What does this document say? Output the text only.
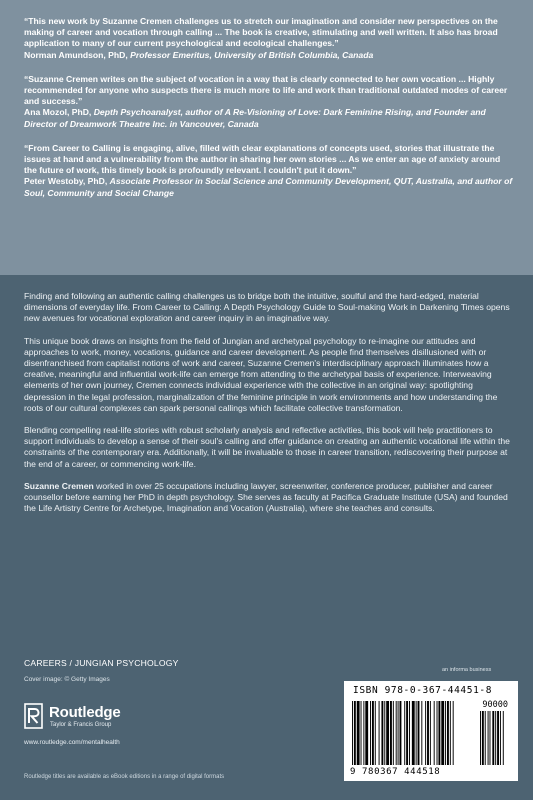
“This new work by Suzanne Cremen challenges us to stretch our imagination and consider new perspectives on the making of career and vocation through calling ... The book is creative, stimulating and well written. It also has broad application to many of our current psychological and ecological challenges.”
Norman Amundson, PhD, Professor Emeritus, University of British Columbia, Canada
“Suzanne Cremen writes on the subject of vocation in a way that is clearly connected to her own vocation ... Highly recommended for anyone who suspects there is much more to life and work than traditional outdated modes of career and success.”
Ana Mozol, PhD, Depth Psychoanalyst, author of A Re-Visioning of Love: Dark Feminine Rising, and Founder and Director of Dreamwork Theatre Inc. in Vancouver, Canada
“From Career to Calling is engaging, alive, filled with clear explanations of concepts used, stories that illustrate the issues at hand and a vulnerability from the author in sharing her own stories ... As we enter an age of anxiety around the future of work, this timely book is profoundly relevant. I couldn't put it down.”
Peter Westoby, PhD, Associate Professor in Social Science and Community Development, QUT, Australia, and author of Soul, Community and Social Change

Finding and following an authentic calling challenges us to bridge both the intuitive, soulful and the hard-edged, material dimensions of everyday life. From Career to Calling: A Depth Psychology Guide to Soul-making Work in Darkening Times opens new avenues for vocational exploration and career inquiry in an imaginative way.

This unique book draws on insights from the field of Jungian and archetypal psychology to re-imagine our attitudes and approaches to work, money, vocations, guidance and career development. As people find themselves disillusioned with or disenfranchised from capitalist notions of work and career, Suzanne Cremen's interdisciplinary approach illuminates how a creative, meaningful and influential work-life can emerge from attending to the archetypal basis of experience. Interweaving elements of her own journey, Cremen connects individual experience with the collective in an original way: spotlighting depression in the legal profession, marginalization of the feminine principle in work environments and how understanding the roots of our cultural complexes can spark personal callings which facilitate collective transformation.

Blending compelling real-life stories with robust scholarly analysis and reflective activities, this book will help practitioners to support individuals to develop a sense of their soul's calling and offer guidance on creating an authentic vocational life within the constraints of the contemporary era. Additionally, it will be invaluable to those in career transition, rediscovering their purpose at the end of a career, or commencing work-life.

Suzanne Cremen worked in over 25 occupations including lawyer, screenwriter, conference producer, publisher and career counsellor before earning her PhD in depth psychology. She serves as faculty at Pacifica Graduate Institute (USA) and founded the Life Artistry Centre for Archetype, Imagination and Vocation (Australia), where she teaches and consults.

CAREERS / JUNGIAN PSYCHOLOGY
Cover image: © Getty Images
Routledge
Taylor & Francis Group
www.routledge.com/mentalhealth
Routledge titles are available as eBook editions in a range of digital formats
an informa business
ISBN 978-0-367-44451-8
90000
9 780367 444518
